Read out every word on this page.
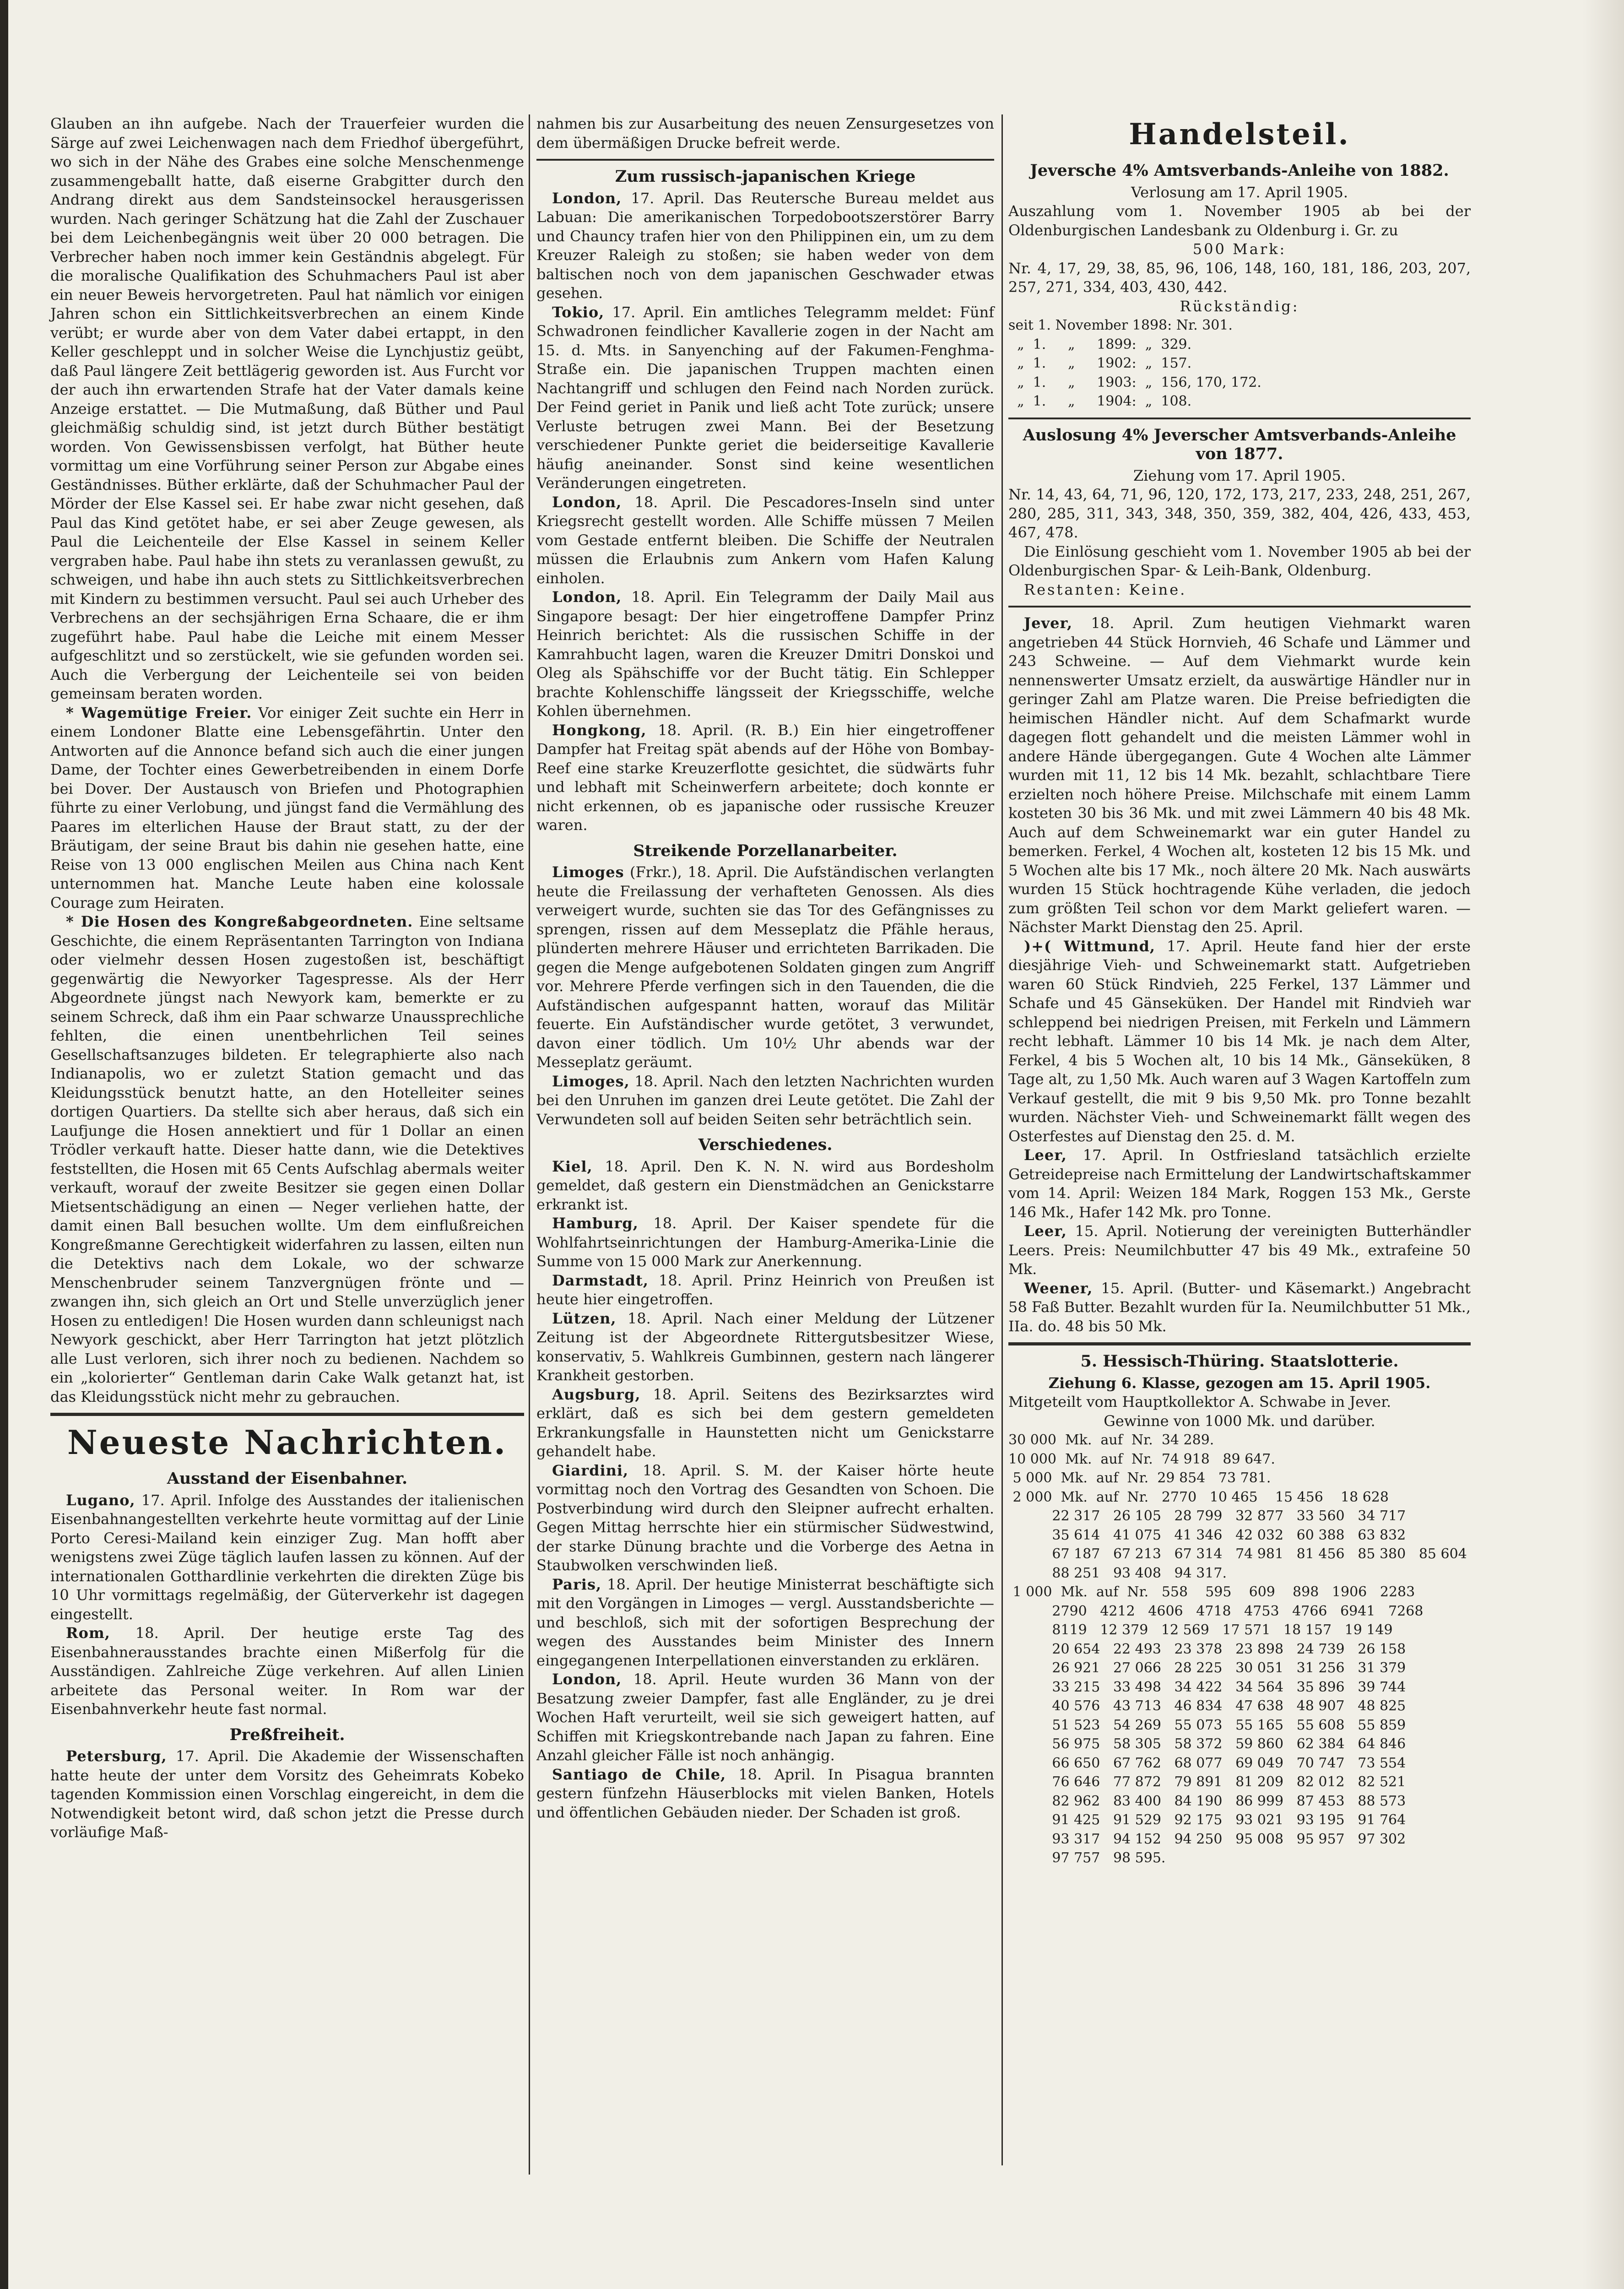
Glauben an ihn aufgebe. Nach der Trauerfeier wurden die Särge auf zwei Leichenwagen nach dem Friedhof übergeführt, wo sich in der Nähe des Grabes eine solche Menschenmenge zusammengeballt hatte, daß eiserne Grabgitter durch den Andrang direkt aus dem Sandsteinsockel herausgerissen wurden. Nach geringer Schätzung hat die Zahl der Zuschauer bei dem Leichenbegängnis weit über 20 000 betragen. Die Verbrecher haben noch immer kein Geständnis abgelegt. Für die moralische Qualifikation des Schuhmachers Paul ist aber ein neuer Beweis hervorgetreten. Paul hat nämlich vor einigen Jahren schon ein Sittlichkeitsverbrechen an einem Kinde verübt; er wurde aber von dem Vater dabei ertappt, in den Keller geschleppt und in solcher Weise die Lynchjustiz geübt, daß Paul längere Zeit bettlägerig geworden ist. Aus Furcht vor der auch ihn erwartenden Strafe hat der Vater damals keine Anzeige erstattet. — Die Mutmaßung, daß Büther und Paul gleichmäßig schuldig sind, ist jetzt durch Büther bestätigt worden. Von Gewissensbissen verfolgt, hat Büther heute vormittag um eine Vorführung seiner Person zur Abgabe eines Geständnisses. Büther erklärte, daß der Schuhmacher Paul der Mörder der Else Kassel sei. Er habe zwar nicht gesehen, daß Paul das Kind getötet habe, er sei aber Zeuge gewesen, als Paul die Leichenteile der Else Kassel in seinem Keller vergraben habe. Paul habe ihn stets zu veranlassen gewußt, zu schweigen, und habe ihn auch stets zu Sittlichkeitsverbrechen mit Kindern zu bestimmen versucht. Paul sei auch Urheber des Verbrechens an der sechsjährigen Erna Schaare, die er ihm zugeführt habe. Paul habe die Leiche mit einem Messer aufgeschlitzt und so zerstückelt, wie sie gefunden worden sei. Auch die Verbergung der Leichenteile sei von beiden gemeinsam beraten worden.

* Wagemütige Freier. Vor einiger Zeit suchte ein Herr in einem Londoner Blatte eine Lebensgefährtin. Unter den Antworten auf die Annonce befand sich auch die einer jungen Dame, der Tochter eines Gewerbetreibenden in einem Dorfe bei Dover. Der Austausch von Briefen und Photographien führte zu einer Verlobung, und jüngst fand die Vermählung des Paares im elterlichen Hause der Braut statt, zu der der Bräutigam, der seine Braut bis dahin nie gesehen hatte, eine Reise von 13 000 englischen Meilen aus China nach Kent unternommen hat. Manche Leute haben eine kolossale Courage zum Heiraten.

* Die Hosen des Kongreßabgeordneten. Eine seltsame Geschichte, die einem Repräsentanten Tarrington von Indiana oder vielmehr dessen Hosen zugestoßen ist, beschäftigt gegenwärtig die Newyorker Tagespresse. Als der Herr Abgeordnete jüngst nach Newyork kam, bemerkte er zu seinem Schreck, daß ihm ein Paar schwarze Unaussprechliche fehlten, die einen unentbehrlichen Teil seines Gesellschaftsanzuges bildeten. Er telegraphierte also nach Indianapolis, wo er zuletzt Station gemacht und das Kleidungsstück benutzt hatte, an den Hotelleiter seines dortigen Quartiers. Da stellte sich aber heraus, daß sich ein Laufjunge die Hosen annektiert und für 1 Dollar an einen Trödler verkauft hatte. Dieser hatte dann, wie die Detektives feststellten, die Hosen mit 65 Cents Aufschlag abermals weiter verkauft, worauf der zweite Besitzer sie gegen einen Dollar Mietsentschädigung an einen — Neger verliehen hatte, der damit einen Ball besuchen wollte. Um dem einflußreichen Kongreßmanne Gerechtigkeit widerfahren zu lassen, eilten nun die Detektivs nach dem Lokale, wo der schwarze Menschenbruder seinem Tanzvergnügen frönte und — zwangen ihn, sich gleich an Ort und Stelle unverzüglich jener Hosen zu entledigen! Die Hosen wurden dann schleunigst nach Newyork geschickt, aber Herr Tarrington hat jetzt plötzlich alle Lust verloren, sich ihrer noch zu bedienen. Nachdem so ein „kolorierter“ Gentleman darin Cake Walk getanzt hat, ist das Kleidungsstück nicht mehr zu gebrauchen.

Neueste Nachrichten.

Ausstand der Eisenbahner.

Lugano, 17. April. Infolge des Ausstandes der italienischen Eisenbahnangestellten verkehrte heute vormittag auf der Linie Porto Ceresi-Mailand kein einziger Zug. Man hofft aber wenigstens zwei Züge täglich laufen lassen zu können. Auf der internationalen Gotthardlinie verkehrten die direkten Züge bis 10 Uhr vormittags regelmäßig, der Güterverkehr ist dagegen eingestellt.

Rom, 18. April. Der heutige erste Tag des Eisenbahnerausstandes brachte einen Mißerfolg für die Ausständigen. Zahlreiche Züge verkehren. Auf allen Linien arbeitete das Personal weiter. In Rom war der Eisenbahnverkehr heute fast normal.

Preßfreiheit.

Petersburg, 17. April. Die Akademie der Wissenschaften hatte heute der unter dem Vorsitz des Geheimrats Kobeko tagenden Kommission einen Vorschlag eingereicht, in dem die Notwendigkeit betont wird, daß schon jetzt die Presse durch vorläufige Maß-

nahmen bis zur Ausarbeitung des neuen Zensurgesetzes von dem übermäßigen Drucke befreit werde.

Zum russisch-japanischen Kriege

London, 17. April. Das Reutersche Bureau meldet aus Labuan: Die amerikanischen Torpedobootszerstörer Barry und Chauncy trafen hier von den Philippinen ein, um zu dem Kreuzer Raleigh zu stoßen; sie haben weder von dem baltischen noch von dem japanischen Geschwader etwas gesehen.

Tokio, 17. April. Ein amtliches Telegramm meldet: Fünf Schwadronen feindlicher Kavallerie zogen in der Nacht am 15. d. Mts. in Sanyenching auf der Fakumen-Fenghma-Straße ein. Die japanischen Truppen machten einen Nachtangriff und schlugen den Feind nach Norden zurück. Der Feind geriet in Panik und ließ acht Tote zurück; unsere Verluste betrugen zwei Mann. Bei der Besetzung verschiedener Punkte geriet die beiderseitige Kavallerie häufig aneinander. Sonst sind keine wesentlichen Veränderungen eingetreten.

London, 18. April. Die Pescadores-Inseln sind unter Kriegsrecht gestellt worden. Alle Schiffe müssen 7 Meilen vom Gestade entfernt bleiben. Die Schiffe der Neutralen müssen die Erlaubnis zum Ankern vom Hafen Kalung einholen.

London, 18. April. Ein Telegramm der Daily Mail aus Singapore besagt: Der hier eingetroffene Dampfer Prinz Heinrich berichtet: Als die russischen Schiffe in der Kamrahbucht lagen, waren die Kreuzer Dmitri Donskoi und Oleg als Spähschiffe vor der Bucht tätig. Ein Schlepper brachte Kohlenschiffe längsseit der Kriegsschiffe, welche Kohlen übernehmen.

Hongkong, 18. April. (R. B.) Ein hier eingetroffener Dampfer hat Freitag spät abends auf der Höhe von Bombay-Reef eine starke Kreuzerflotte gesichtet, die südwärts fuhr und lebhaft mit Scheinwerfern arbeitete; doch konnte er nicht erkennen, ob es japanische oder russische Kreuzer waren.

Streikende Porzellanarbeiter.

Limoges (Frkr.), 18. April. Die Aufständischen verlangten heute die Freilassung der verhafteten Genossen. Als dies verweigert wurde, suchten sie das Tor des Gefängnisses zu sprengen, rissen auf dem Messeplatz die Pfähle heraus, plünderten mehrere Häuser und errichteten Barrikaden. Die gegen die Menge aufgebotenen Soldaten gingen zum Angriff vor. Mehrere Pferde verfingen sich in den Tauenden, die die Aufständischen aufgespannt hatten, worauf das Militär feuerte. Ein Aufständischer wurde getötet, 3 verwundet, davon einer tödlich. Um 10½ Uhr abends war der Messeplatz geräumt.

Limoges, 18. April. Nach den letzten Nachrichten wurden bei den Unruhen im ganzen drei Leute getötet. Die Zahl der Verwundeten soll auf beiden Seiten sehr beträchtlich sein.

Verschiedenes.

Kiel, 18. April. Den K. N. N. wird aus Bordesholm gemeldet, daß gestern ein Dienstmädchen an Genickstarre erkrankt ist.

Hamburg, 18. April. Der Kaiser spendete für die Wohlfahrtseinrichtungen der Hamburg-Amerika-Linie die Summe von 15 000 Mark zur Anerkennung.

Darmstadt, 18. April. Prinz Heinrich von Preußen ist heute hier eingetroffen.

Lützen, 18. April. Nach einer Meldung der Lützener Zeitung ist der Abgeordnete Rittergutsbesitzer Wiese, konservativ, 5. Wahlkreis Gumbinnen, gestern nach längerer Krankheit gestorben.

Augsburg, 18. April. Seitens des Bezirksarztes wird erklärt, daß es sich bei dem gestern gemeldeten Erkrankungsfalle in Haunstetten nicht um Genickstarre gehandelt habe.

Giardini, 18. April. S. M. der Kaiser hörte heute vormittag noch den Vortrag des Gesandten von Schoen. Die Postverbindung wird durch den Sleipner aufrecht erhalten. Gegen Mittag herrschte hier ein stürmischer Südwestwind, der starke Dünung brachte und die Vorberge des Aetna in Staubwolken verschwinden ließ.

Paris, 18. April. Der heutige Ministerrat beschäftigte sich mit den Vorgängen in Limoges — vergl. Ausstandsberichte — und beschloß, sich mit der sofortigen Besprechung der wegen des Ausstandes beim Minister des Innern eingegangenen Interpellationen einverstanden zu erklären.

London, 18. April. Heute wurden 36 Mann von der Besatzung zweier Dampfer, fast alle Engländer, zu je drei Wochen Haft verurteilt, weil sie sich geweigert hatten, auf Schiffen mit Kriegskontrebande nach Japan zu fahren. Eine Anzahl gleicher Fälle ist noch anhängig.

Santiago de Chile, 18. April. In Pisagua brannten gestern fünfzehn Häuserblocks mit vielen Banken, Hotels und öffentlichen Gebäuden nieder. Der Schaden ist groß.

Handelsteil.

Jeversche 4% Amtsverbands-Anleihe von 1882.

Verlosung am 17. April 1905.

Auszahlung vom 1. November 1905 ab bei der Oldenburgischen Landesbank zu Oldenburg i. Gr. zu

500 Mark:

Nr. 4, 17, 29, 38, 85, 96, 106, 148, 160, 181, 186, 203, 207, 257, 271, 334, 403, 430, 442.

Rückständig:

seit 1. November 1898: Nr. 301.

„  1.     „     1899:  „  329.

„  1.     „     1902:  „  157.

„  1.     „     1903:  „  156, 170, 172.

„  1.     „     1904:  „  108.

Auslosung 4% Jeverscher Amtsverbands-Anleihe von 1877.

Ziehung vom 17. April 1905.

Nr. 14, 43, 64, 71, 96, 120, 172, 173, 217, 233, 248, 251, 267, 280, 285, 311, 343, 348, 350, 359, 382, 404, 426, 433, 453, 467, 478.

Die Einlösung geschieht vom 1. November 1905 ab bei der Oldenburgischen Spar- & Leih-Bank, Oldenburg.

Restanten: Keine.

Jever, 18. April. Zum heutigen Viehmarkt waren angetrieben 44 Stück Hornvieh, 46 Schafe und Lämmer und 243 Schweine. — Auf dem Viehmarkt wurde kein nennenswerter Umsatz erzielt, da auswärtige Händler nur in geringer Zahl am Platze waren. Die Preise befriedigten die heimischen Händler nicht. Auf dem Schafmarkt wurde dagegen flott gehandelt und die meisten Lämmer wohl in andere Hände übergegangen. Gute 4 Wochen alte Lämmer wurden mit 11, 12 bis 14 Mk. bezahlt, schlachtbare Tiere erzielten noch höhere Preise. Milchschafe mit einem Lamm kosteten 30 bis 36 Mk. und mit zwei Lämmern 40 bis 48 Mk. Auch auf dem Schweinemarkt war ein guter Handel zu bemerken. Ferkel, 4 Wochen alt, kosteten 12 bis 15 Mk. und 5 Wochen alte bis 17 Mk., noch ältere 20 Mk. Nach auswärts wurden 15 Stück hochtragende Kühe verladen, die jedoch zum größten Teil schon vor dem Markt geliefert waren. — Nächster Markt Dienstag den 25. April.

)+( Wittmund, 17. April. Heute fand hier der erste diesjährige Vieh- und Schweinemarkt statt. Aufgetrieben waren 60 Stück Rindvieh, 225 Ferkel, 137 Lämmer und Schafe und 45 Gänseküken. Der Handel mit Rindvieh war schleppend bei niedrigen Preisen, mit Ferkeln und Lämmern recht lebhaft. Lämmer 10 bis 14 Mk. je nach dem Alter, Ferkel, 4 bis 5 Wochen alt, 10 bis 14 Mk., Gänseküken, 8 Tage alt, zu 1,50 Mk. Auch waren auf 3 Wagen Kartoffeln zum Verkauf gestellt, die mit 9 bis 9,50 Mk. pro Tonne bezahlt wurden. Nächster Vieh- und Schweinemarkt fällt wegen des Osterfestes auf Dienstag den 25. d. M.

Leer, 17. April. In Ostfriesland tatsächlich erzielte Getreidepreise nach Ermittelung der Landwirtschaftskammer vom 14. April: Weizen 184 Mark, Roggen 153 Mk., Gerste 146 Mk., Hafer 142 Mk. pro Tonne.

Leer, 15. April. Notierung der vereinigten Butterhändler Leers. Preis: Neumilchbutter 47 bis 49 Mk., extrafeine 50 Mk.

Weener, 15. April. (Butter- und Käsemarkt.) Angebracht 58 Faß Butter. Bezahlt wurden für Ia. Neumilchbutter 51 Mk., IIa. do. 48 bis 50 Mk.

5. Hessisch-Thüring. Staatslotterie.

Ziehung 6. Klasse, gezogen am 15. April 1905.

Mitgeteilt vom Hauptkollektor A. Schwabe in Jever.

Gewinne von 1000 Mk. und darüber.

30 000  Mk.  auf  Nr.  34 289.

10 000  Mk.  auf  Nr.  74 918   89 647.

5 000  Mk.  auf  Nr.  29 854   73 781.

2 000  Mk.  auf  Nr.   2770   10 465    15 456    18 628

22 317   26 105   28 799   32 877   33 560   34 717

35 614   41 075   41 346   42 032   60 388   63 832

67 187   67 213   67 314   74 981   81 456   85 380   85 604

88 251   93 408   94 317.

1 000  Mk.  auf  Nr.   558    595    609    898   1906   2283

2790   4212   4606   4718   4753   4766   6941   7268

8119   12 379   12 569   17 571   18 157   19 149

20 654   22 493   23 378   23 898   24 739   26 158

26 921   27 066   28 225   30 051   31 256   31 379

33 215   33 498   34 422   34 564   35 896   39 744

40 576   43 713   46 834   47 638   48 907   48 825

51 523   54 269   55 073   55 165   55 608   55 859

56 975   58 305   58 372   59 860   62 384   64 846

66 650   67 762   68 077   69 049   70 747   73 554

76 646   77 872   79 891   81 209   82 012   82 521

82 962   83 400   84 190   86 999   87 453   88 573

91 425   91 529   92 175   93 021   93 195   91 764

93 317   94 152   94 250   95 008   95 957   97 302

97 757   98 595.
